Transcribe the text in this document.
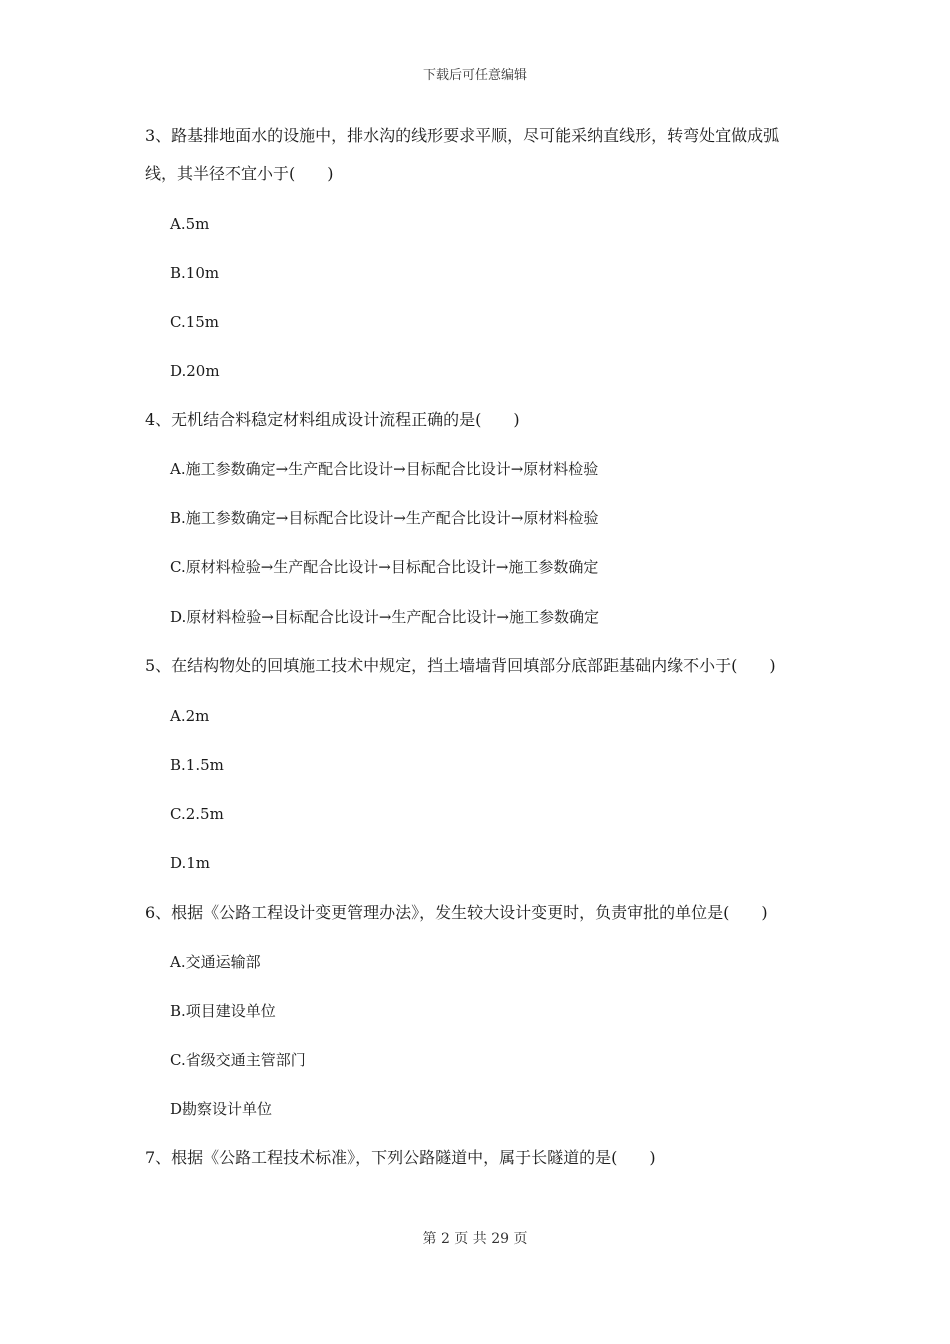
下载后可任意编辑
3、路基排地面水的设施中，排水沟的线形要求平顺，尽可能采纳直线形，转弯处宜做成弧
线，其半径不宜小于(　　)
A.5m
B.10m
C.15m
D.20m
4、无机结合料稳定材料组成设计流程正确的是(　　)
A.施工参数确定→生产配合比设计→目标配合比设计→原材料检验
B.施工参数确定→目标配合比设计→生产配合比设计→原材料检验
C.原材料检验→生产配合比设计→目标配合比设计→施工参数确定
D.原材料检验→目标配合比设计→生产配合比设计→施工参数确定
5、在结构物处的回填施工技术中规定，挡土墙墙背回填部分底部距基础内缘不小于(　　)
A.2m
B.1.5m
C.2.5m
D.1m
6、根据《公路工程设计变更管理办法》，发生较大设计变更时，负责审批的单位是(　　)
A.交通运输部
B.项目建设单位
C.省级交通主管部门
D勘察设计单位
7、根据《公路工程技术标准》，下列公路隧道中，属于长隧道的是(　　)
第 2 页 共 29 页
